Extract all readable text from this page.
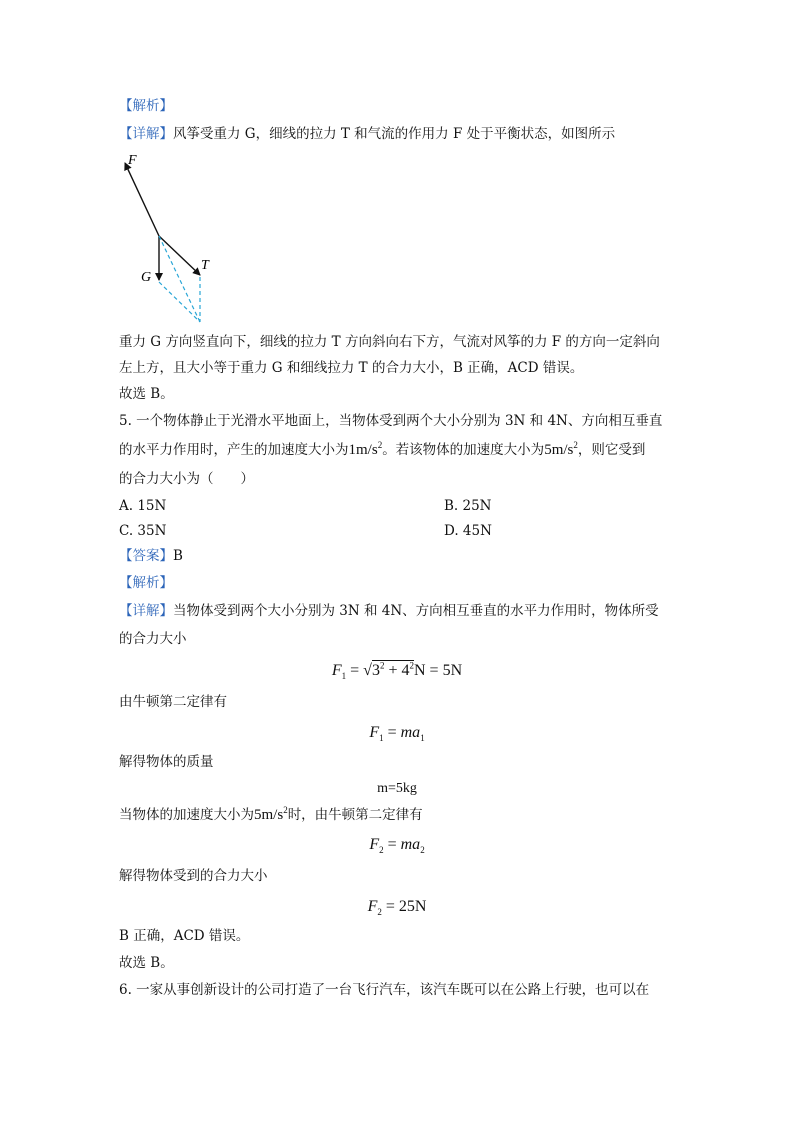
【解析】
【详解】风筝受重力 G，细线的拉力 T 和气流的作用力 F 处于平衡状态，如图所示
F
G
T
重力 G 方向竖直向下，细线的拉力 T 方向斜向右下方，气流对风筝的力 F 的方向一定斜向
左上方，且大小等于重力 G 和细线拉力 T 的合力大小，B 正确，ACD 错误。
故选 B。
5. 一个物体静止于光滑水平地面上，当物体受到两个大小分别为 3N 和 4N、方向相互垂直
的水平力作用时，产生的加速度大小为$1m/s^2$。若该物体的加速度大小为$5m/s^2$，则它受到
的合力大小为（　　）
A. 15N	B. 25N
C. 35N	D. 45N
【答案】B
【解析】
【详解】当物体受到两个大小分别为 3N 和 4N、方向相互垂直的水平力作用时，物体所受
的合力大小
$F_1 = √3^2 + 4^2N = 5N$
由牛顿第二定律有
$F_1 = ma_1$
解得物体的质量
m=5kg
当物体的加速度大小为$5m/s^2$时，由牛顿第二定律有
$F_2 = ma_2$
解得物体受到的合力大小
$F_2 = 25N$
B 正确，ACD 错误。
故选 B。
6. 一家从事创新设计的公司打造了一台飞行汽车，该汽车既可以在公路上行驶，也可以在
